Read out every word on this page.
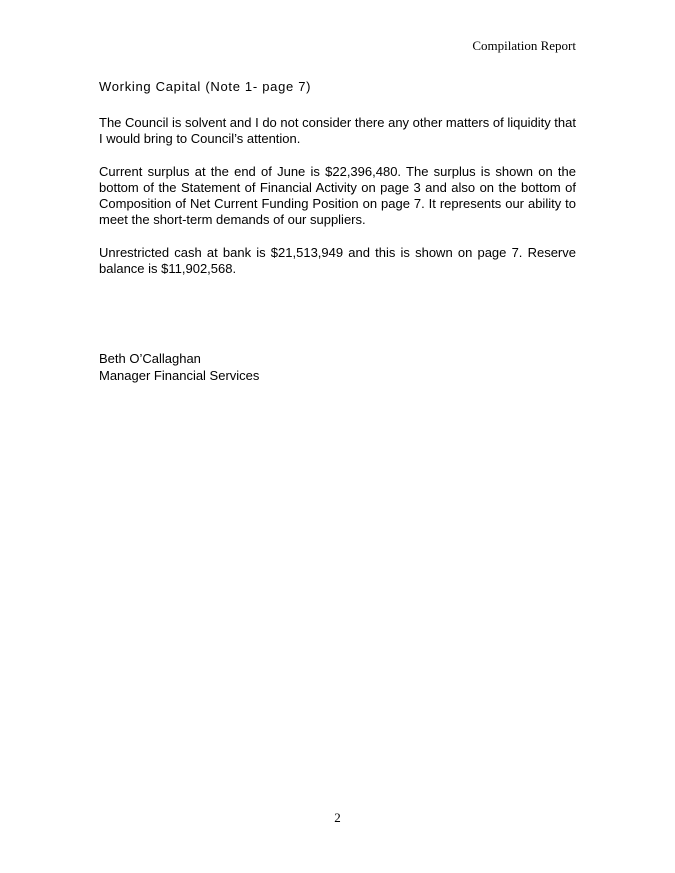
Compilation Report
Working Capital (Note 1- page 7)

The Council is solvent and I do not consider there any other matters of liquidity that I would bring to Council’s attention.

Current surplus at the end of June is $22,396,480. The surplus is shown on the bottom of the Statement of Financial Activity on page 3 and also on the bottom of Composition of Net Current Funding Position on page 7. It represents our ability to meet the short-term demands of our suppliers.

Unrestricted cash at bank is $21,513,949 and this is shown on page 7. Reserve balance is $11,902,568.

Beth O’Callaghan
Manager Financial Services
2
